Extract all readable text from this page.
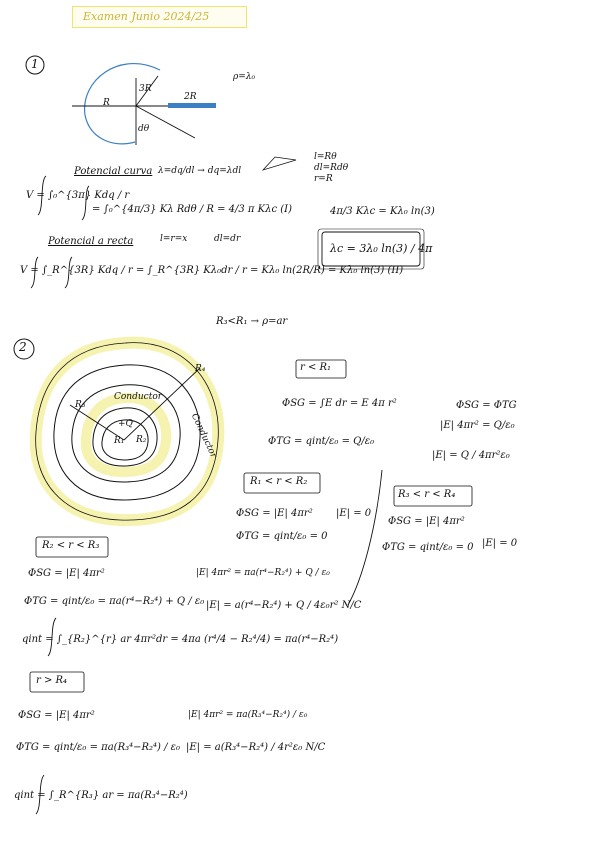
Examen Junio 2024/25
1
ρ=λ₀
R
3R
2R
dθ
Potencial curva λ=dq/dl → dq=λdl
l=Rθ
dl=Rdθ
r=R
V = ∫₀^{3π} Kdq / r
= ∫₀^{4π/3} Kλ Rdθ / R = 4/3 π Kλc (I)
Potencial a recta	l=r=x	dl=dr
V = ∫_R^{3R} Kdq / r = ∫_R^{3R} Kλ₀dr / r = Kλ₀ ln(2R/R) = Kλ₀ ln(3) (II)
4π/3 Kλc = Kλ₀ ln(3)
λc = 3λ₀ ln(3) / 4π
2
R₃<R₁ → ρ=ar
R₃
R₄
R₁ R₂
+Q
Conductor
Conductor
r < R₁
ΦSG = ∫E dr = E 4π r²
ΦTG = qint/ε₀ = Q/ε₀
ΦSG = ΦTG
|E| 4πr² = Q/ε₀
|E| = Q / 4πr²ε₀
R₁ < r < R₂
ΦSG = |E| 4πr²
ΦTG = qint/ε₀ = 0
|E| = 0
R₃ < r < R₄
ΦSG = |E| 4πr²
ΦTG = qint/ε₀ = 0 |E| = 0
R₂ < r < R₃
ΦSG = |E| 4πr²
ΦTG = qint/ε₀ = πa(r⁴−R₂⁴) + Q / ε₀
|E| 4πr² = πa(r⁴−R₂⁴) + Q / ε₀
|E| = a(r⁴−R₂⁴) + Q / 4ε₀r² N/C
qint = ∫_{R₂}^{r} ar 4πr²dr = 4πa (r⁴/4 − R₂⁴/4) = πa(r⁴−R₂⁴)
r > R₄
ΦSG = |E| 4πr²
ΦTG = qint/ε₀ = πa(R₃⁴−R₂⁴) / ε₀
|E| 4πr² = πa(R₃⁴−R₂⁴) / ε₀
|E| = a(R₃⁴−R₂⁴) / 4r²ε₀ N/C
qint = ∫_R^{R₃} ar = πa(R₃⁴−R₂⁴)
